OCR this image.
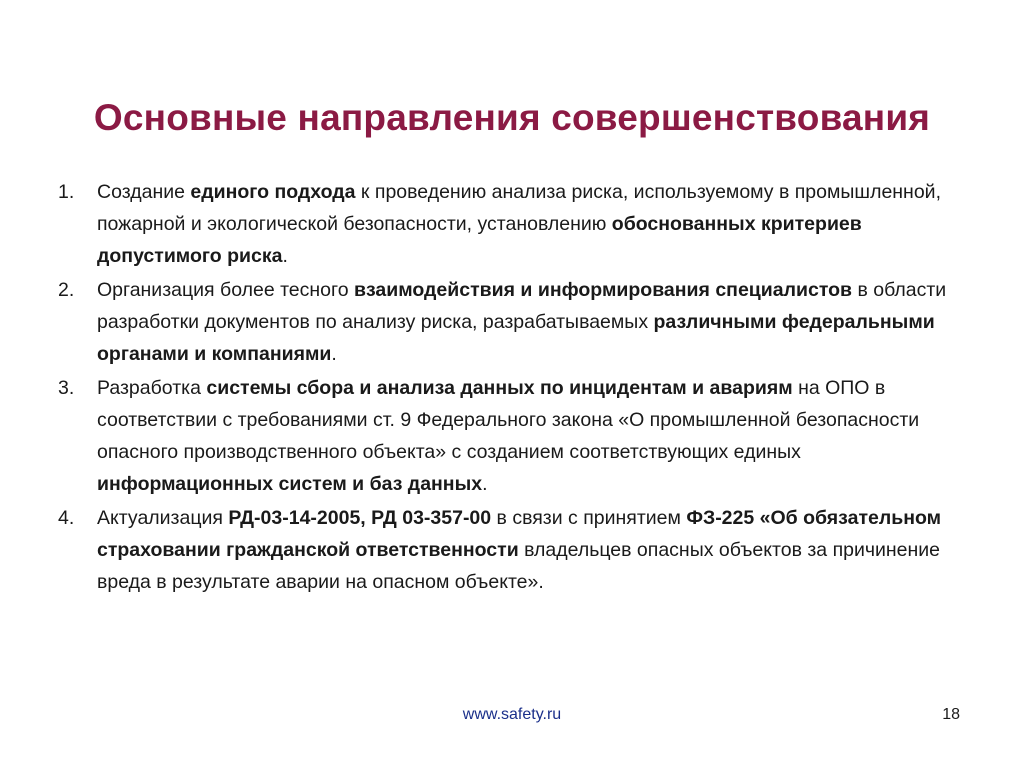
Основные направления совершенствования
1. Создание единого подхода к проведению анализа риска, используемому в промышленной, пожарной и экологической безопасности, установлению обоснованных критериев допустимого риска.
2. Организация более тесного взаимодействия и информирования специалистов в области разработки документов по анализу риска, разрабатываемых различными федеральными органами и компаниями.
3. Разработка системы сбора и анализа данных по инцидентам и авариям на ОПО в соответствии с требованиями ст. 9 Федерального закона «О промышленной безопасности опасного производственного объекта» с созданием соответствующих единых информационных систем и баз данных.
4. Актуализация РД-03-14-2005, РД 03-357-00 в связи с принятием ФЗ-225 «Об обязательном страховании гражданской ответственности владельцев опасных объектов за причинение вреда в результате аварии на опасном объекте».
www.safety.ru	18
